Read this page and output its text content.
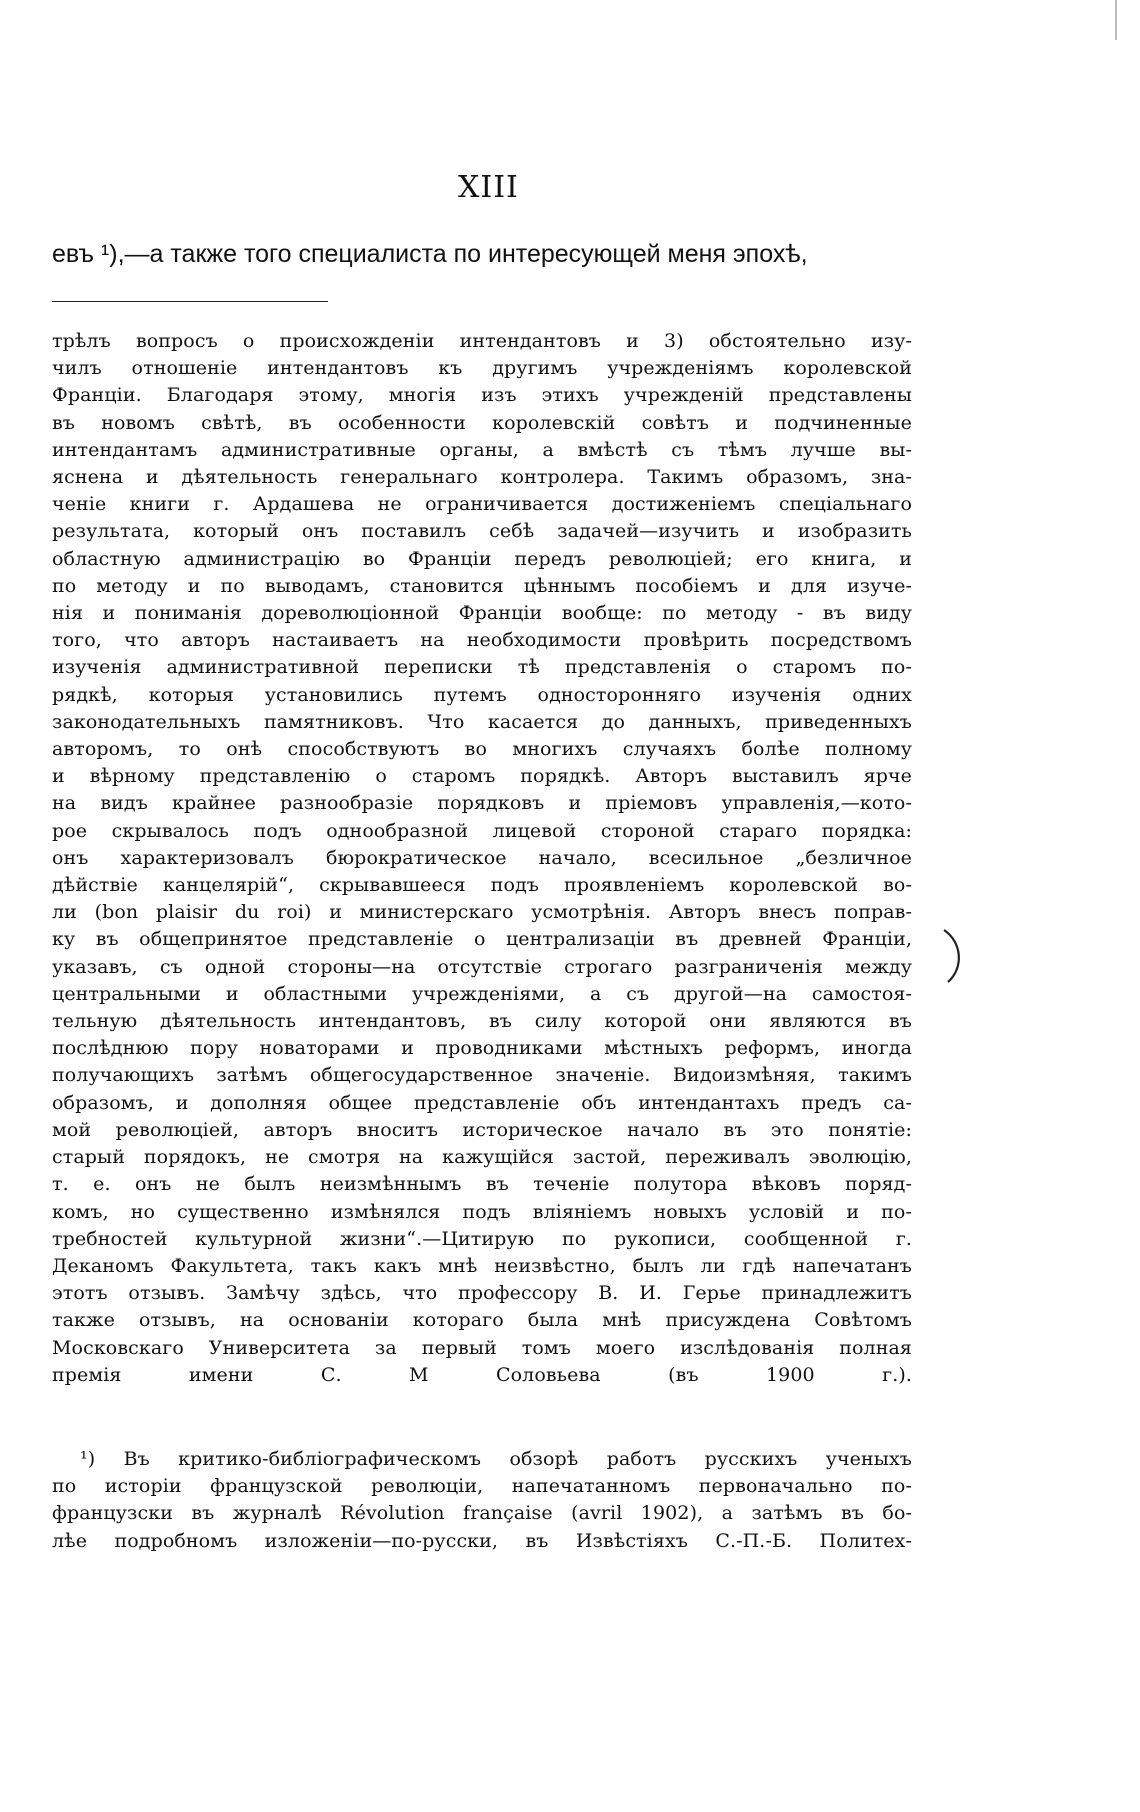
XIII
евъ ¹),—а также того специалиста по интересующей меня эпохѣ,
трѣлъ вопросъ о происхожденіи интендантовъ и 3) обстоятельно изу-
чилъ отношеніе интендантовъ къ другимъ учрежденіямъ королевской
Франціи. Благодаря этому, многія изъ этихъ учрежденій представлены
въ новомъ свѣтѣ, въ особенности королевскій совѣтъ и подчиненные
интендантамъ административные органы, а вмѣстѣ съ тѣмъ лучше вы-
яснена и дѣятельность генеральнаго контролера. Такимъ образомъ, зна-
ченіе книги г. Ардашева не ограничивается достиженіемъ спеціальнаго
результата, который онъ поставилъ себѣ задачей—изучить и изобразить
областную администрацію во Франціи передъ революціей; его книга, и
по методу и по выводамъ, становится цѣннымъ пособіемъ и для изуче-
нія и пониманія дореволюціонной Франціи вообще: по методу - въ виду
того, что авторъ настаиваетъ на необходимости провѣрить посредствомъ
изученія административной переписки тѣ представленія о старомъ по-
рядкѣ, которыя установились путемъ односторонняго изученія одних
законодательныхъ памятниковъ. Что касается до данныхъ, приведенныхъ
авторомъ, то онѣ способствуютъ во многихъ случаяхъ болѣе полному
и вѣрному представленію о старомъ порядкѣ. Авторъ выставилъ ярче
на видъ крайнее разнообразіе порядковъ и пріемовъ управленія,—кото-
рое скрывалось подъ однообразной лицевой стороной стараго порядка:
онъ характеризовалъ бюрократическое начало, всесильное „безличное
дѣйствіе канцелярій“, скрывавшееся подъ проявленіемъ королевской во-
ли (bon plaisir du roi) и министерскаго усмотрѣнія. Авторъ внесъ поправ-
ку въ общепринятое представленіе о централизаціи въ древней Франціи,
указавъ, съ одной стороны—на отсутствіе строгаго разграниченія между
центральными и областными учрежденіями, а съ другой—на самостоя-
тельную дѣятельность интендантовъ, въ силу которой они являются въ
послѣднюю пору новаторами и проводниками мѣстныхъ реформъ, иногда
получающихъ затѣмъ общегосударственное значеніе. Видоизмѣняя, такимъ
образомъ, и дополняя общее представленіе объ интендантахъ предъ са-
мой революціей, авторъ вноситъ историческое начало въ это понятіе:
старый порядокъ, не смотря на кажущійся застой, переживалъ эволюцію,
т. е. онъ не былъ неизмѣннымъ въ теченіе полутора вѣковъ поряд-
комъ, но существенно измѣнялся подъ вліяніемъ новыхъ условій и по-
требностей культурной жизни“.—Цитирую по рукописи, сообщенной г.
Деканомъ Факультета, такъ какъ мнѣ неизвѣстно, былъ ли гдѣ напечатанъ
этотъ отзывъ. Замѣчу здѣсь, что профессору В. И. Герье принадлежитъ
также отзывъ, на основаніи котораго была мнѣ присуждена Совѣтомъ
Московскаго Университета за первый томъ моего изслѣдованія полная
премія имени С. М Соловьева (въ 1900 г.).
¹) Въ критико-библіографическомъ обзорѣ работъ русскихъ ученыхъ
по исторіи французской революціи, напечатанномъ первоначально по-
французски въ журналѣ Révolution française (avril 1902), а затѣмъ въ бо-
лѣе подробномъ изложеніи—по-русски, въ Извѣстіяхъ С.-П.-Б. Политех-
